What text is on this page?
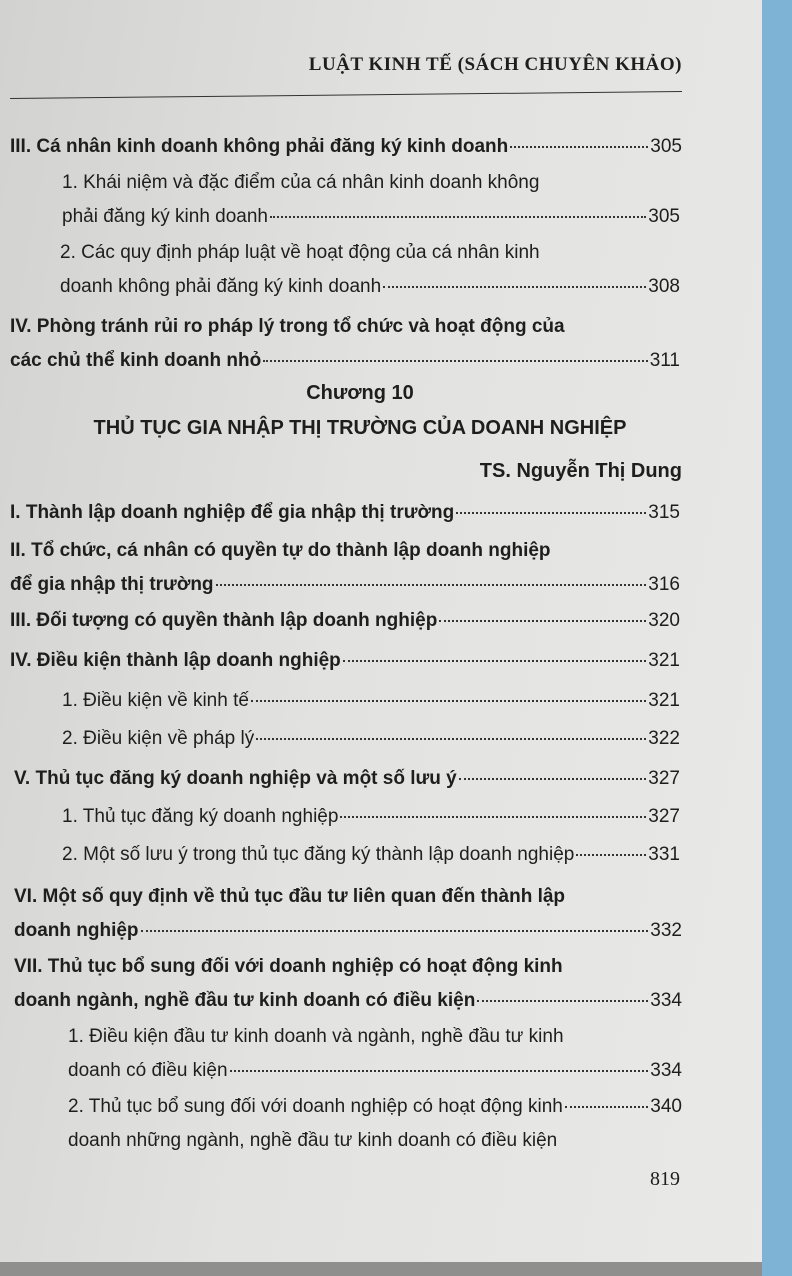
LUẬT KINH TẾ (SÁCH CHUYÊN KHẢO)
III. Cá nhân kinh doanh không phải đăng ký kinh doanh	305
1. Khái niệm và đặc điểm của cá nhân kinh doanh không
phải đăng ký kinh doanh	305
2. Các quy định pháp luật về hoạt động của cá nhân kinh
doanh không phải đăng ký kinh doanh	308
IV. Phòng tránh rủi ro pháp lý trong tổ chức và hoạt động của
các chủ thể kinh doanh nhỏ	311
Chương 10
THỦ TỤC GIA NHẬP THỊ TRƯỜNG CỦA DOANH NGHIỆP
TS. Nguyễn Thị Dung
I. Thành lập doanh nghiệp để gia nhập thị trường	315
II. Tổ chức, cá nhân có quyền tự do thành lập doanh nghiệp
để gia nhập thị trường	316
III. Đối tượng có quyền thành lập doanh nghiệp	320
IV. Điều kiện thành lập doanh nghiệp	321
1. Điều kiện về kinh tế	321
2. Điều kiện về pháp lý	322
V. Thủ tục đăng ký doanh nghiệp và một số lưu ý	327
1. Thủ tục đăng ký doanh nghiệp	327
2. Một số lưu ý trong thủ tục đăng ký thành lập doanh nghiệp	331
VI. Một số quy định về thủ tục đầu tư liên quan đến thành lập
doanh nghiệp	332
VII. Thủ tục bổ sung đối với doanh nghiệp có hoạt động kinh
doanh ngành, nghề đầu tư kinh doanh có điều kiện	334
1. Điều kiện đầu tư kinh doanh và ngành, nghề đầu tư kinh
doanh có điều kiện	334
2. Thủ tục bổ sung đối với doanh nghiệp có hoạt động kinh	340
doanh những ngành, nghề đầu tư kinh doanh có điều kiện
819
